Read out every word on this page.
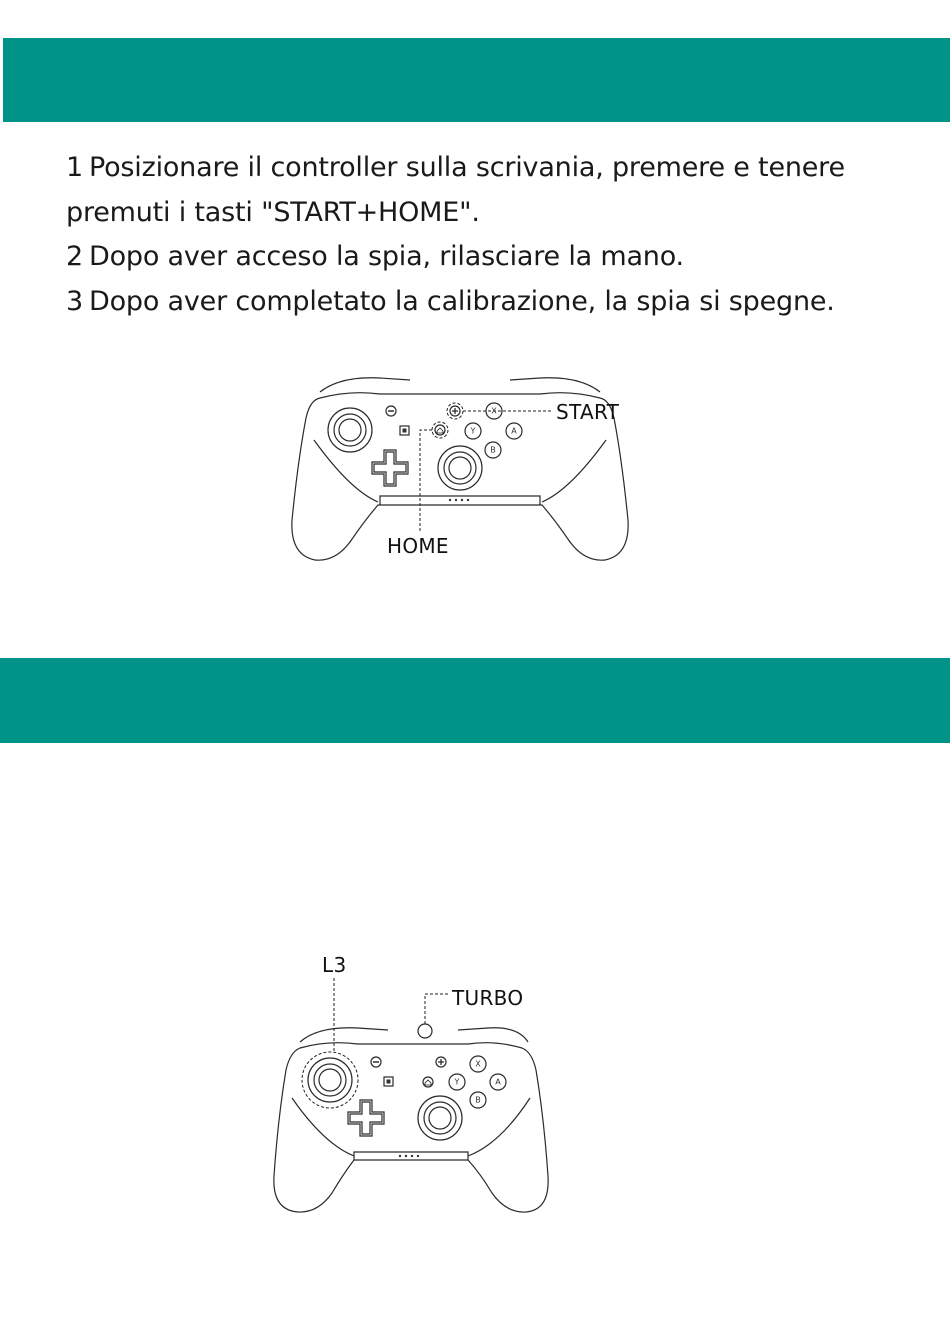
1 Posizionare il controller sulla scrivania, premere e tenere premuti i tasti "START+HOME".

2 Dopo aver acceso la spia, rilasciare la mano.

3 Dopo aver completato la calibrazione, la spia si spegne.

X
Y	A
B
START
HOME
X
Y	A
B
L3
TURBO
